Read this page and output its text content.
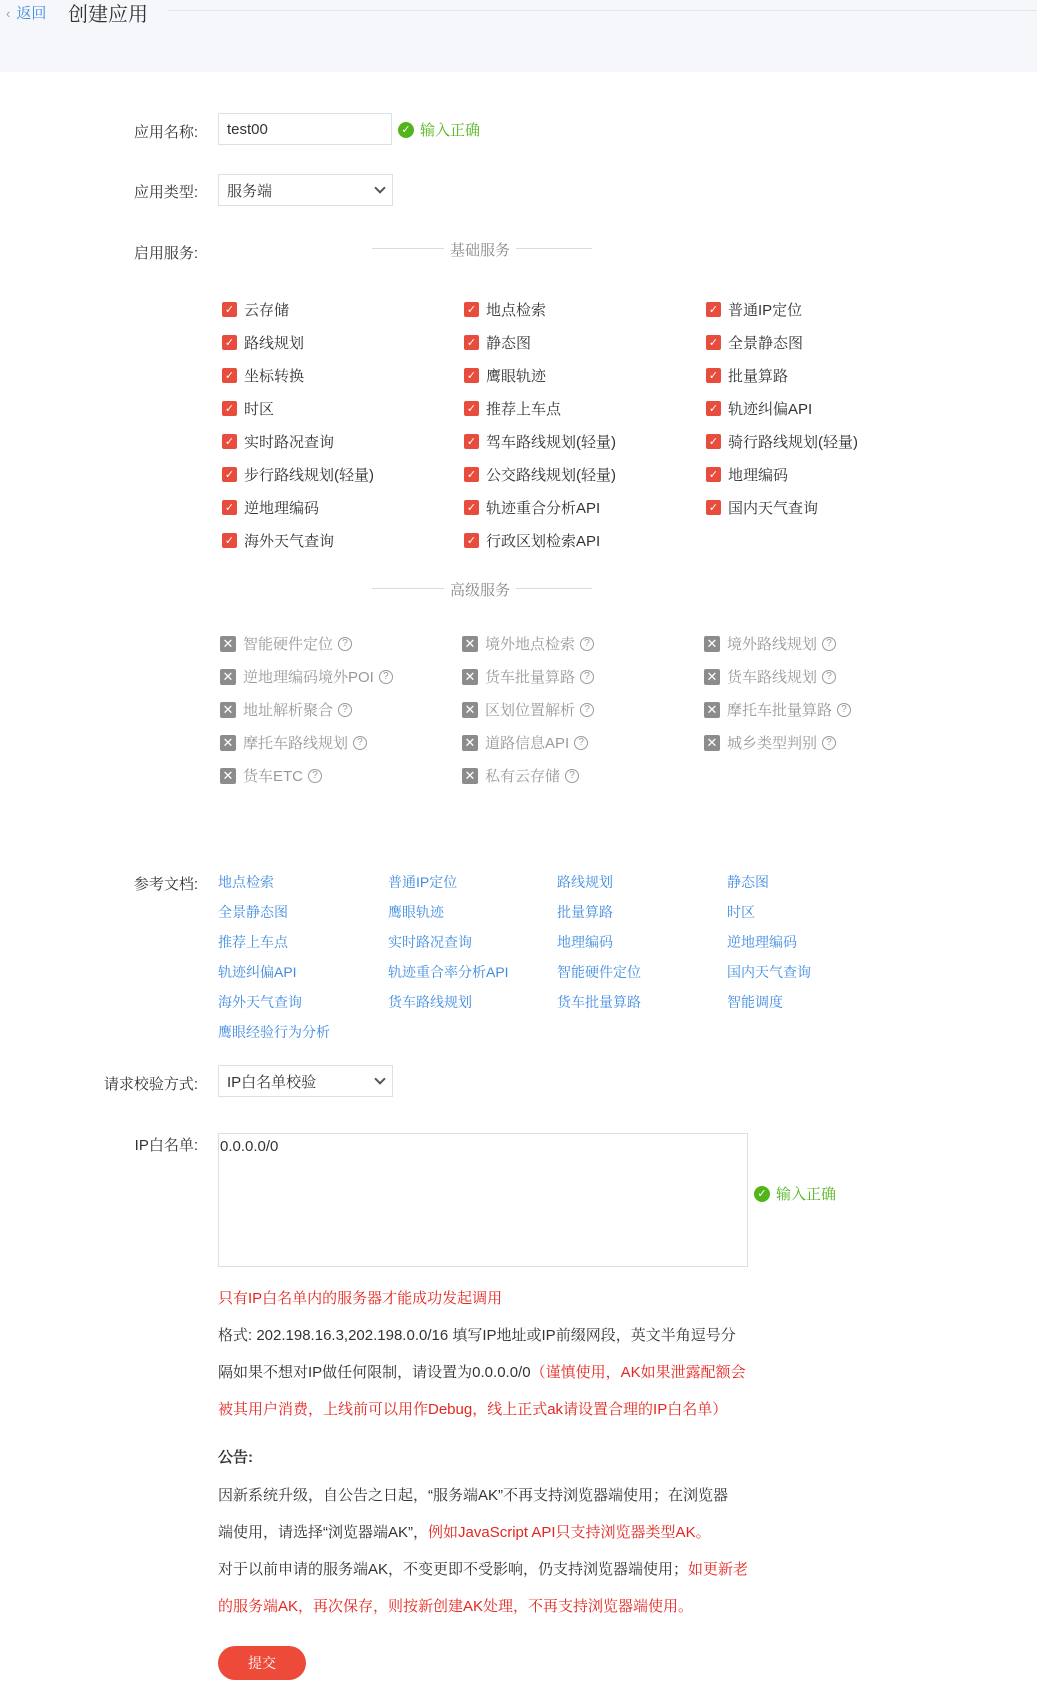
‹ 返回 创建应用
应用名称:	test00	✓ 输入正确
应用类型: 服务端
启用服务:	基础服务
✓ 云存储	✓ 地点检索	✓ 普通IP定位
✓ 路线规划	✓ 静态图	✓ 全景静态图
✓ 坐标转换	✓ 鹰眼轨迹	✓ 批量算路
✓ 时区	✓ 推荐上车点	✓ 轨迹纠偏API
✓ 实时路况查询	✓ 驾车路线规划(轻量)	✓ 骑行路线规划(轻量)
✓ 步行路线规划(轻量)	✓ 公交路线规划(轻量)	✓ 地理编码
✓ 逆地理编码	✓ 轨迹重合分析API	✓ 国内天气查询
✓ 海外天气查询	✓ 行政区划检索API
高级服务
✕ 智能硬件定位 ?	✕ 境外地点检索 ?	✕ 境外路线规划 ?
✕ 逆地理编码境外POI ?	✕ 货车批量算路 ?	✕ 货车路线规划 ?
✕ 地址解析聚合 ?	✕ 区划位置解析 ?	✕ 摩托车批量算路 ?
✕ 摩托车路线规划 ?	✕ 道路信息API ?	✕ 城乡类型判别 ?
✕ 货车ETC ?	✕ 私有云存储 ?
参考文档: 地点检索	普通IP定位	路线规划	静态图
全景静态图	鹰眼轨迹	批量算路	时区
推荐上车点	实时路况查询	地理编码	逆地理编码
轨迹纠偏API	轨迹重合率分析API	智能硬件定位	国内天气查询
海外天气查询	货车路线规划	货车批量算路	智能调度
鹰眼经验行为分析
请求校验方式: IP白名单校验
IP白名单: 0.0.0.0/0
✓ 输入正确
只有IP白名单内的服务器才能成功发起调用
格式: 202.198.16.3,202.198.0.0/16 填写IP地址或IP前缀网段，英文半角逗号分
隔如果不想对IP做任何限制，请设置为0.0.0.0/0（谨慎使用，AK如果泄露配额会
被其用户消费，上线前可以用作Debug，线上正式ak请设置合理的IP白名单）
公告:
因新系统升级，自公告之日起，“服务端AK”不再支持浏览器端使用；在浏览器
端使用，请选择“浏览器端AK”，例如JavaScript API只支持浏览器类型AK。
对于以前申请的服务端AK，不变更即不受影响，仍支持浏览器端使用；如更新老
的服务端AK，再次保存，则按新创建AK处理，不再支持浏览器端使用。
提交
